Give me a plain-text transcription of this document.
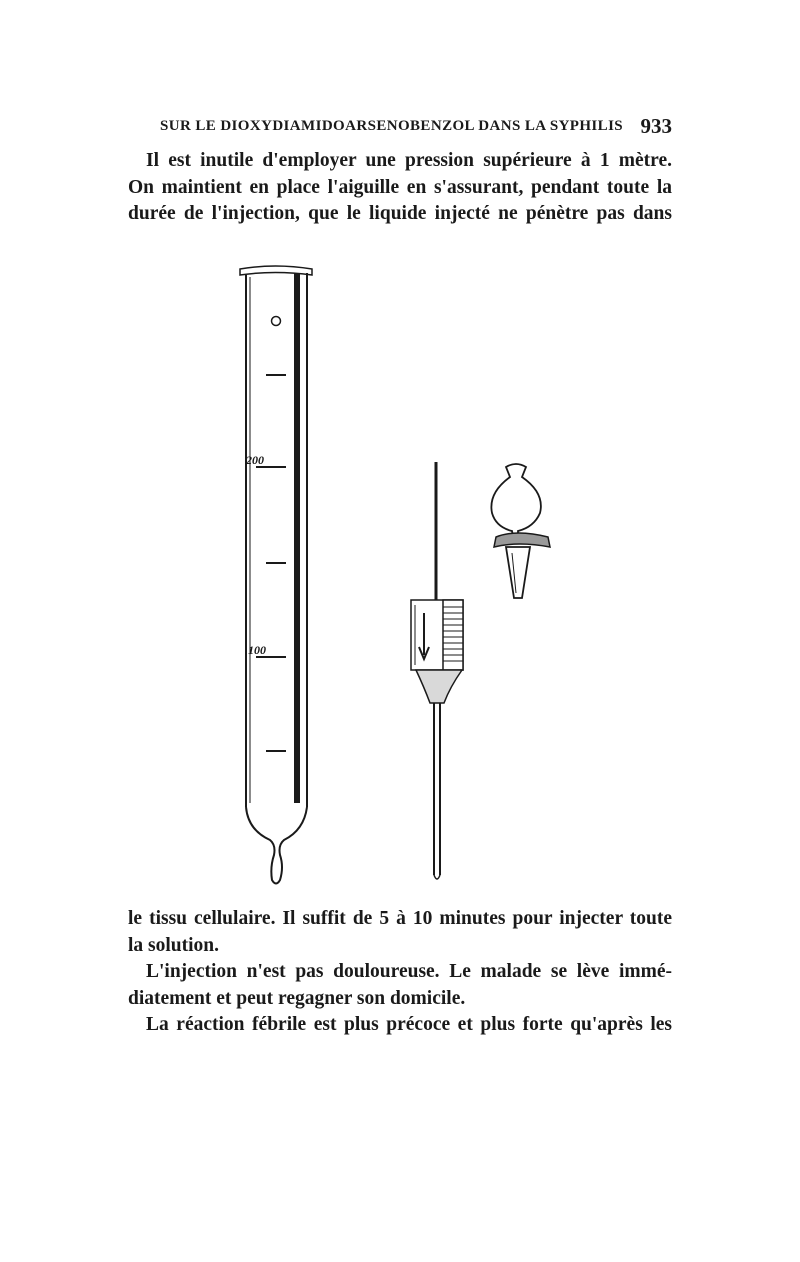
SUR LE DIOXYDIAMIDOARSENOBENZOL DANS LA SYPHILIS 933
Il est inutile d'employer une pression supérieure à 1 mètre.
On maintient en place l'aiguille en s'assurant, pendant toute la
durée de l'injection, que le liquide injecté ne pénètre pas dans
200
100
le tissu cellulaire. Il suffit de 5 à 10 minutes pour injecter toute
la solution.
L'injection n'est pas douloureuse. Le malade se lève immé-
diatement et peut regagner son domicile.
La réaction fébrile est plus précoce et plus forte qu'après les
